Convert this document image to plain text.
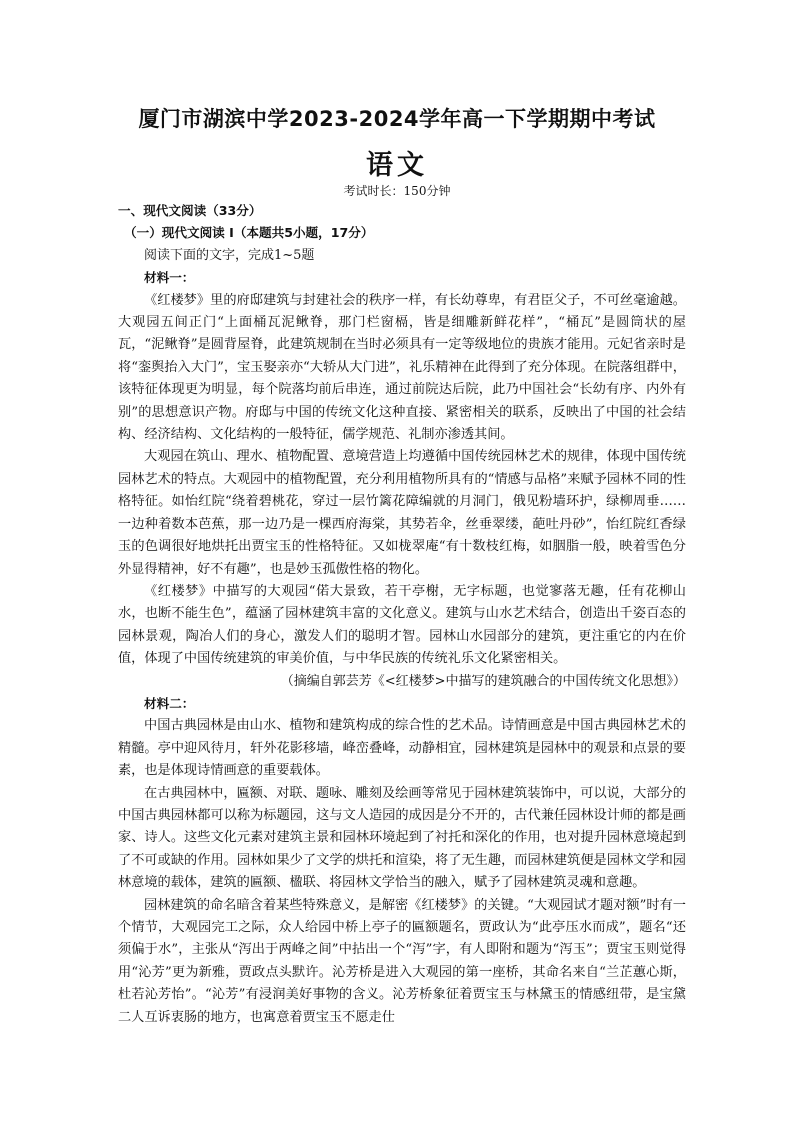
厦门市湖滨中学2023-2024学年高一下学期期中考试
语文
考试时长：150分钟

一、现代文阅读（33分）

（一）现代文阅读 I（本题共5小题，17分）

阅读下面的文字，完成1~5题

材料一：

《红楼梦》里的府邸建筑与封建社会的秩序一样，有长幼尊卑，有君臣父子，不可丝毫逾越。大观园五间正门“上面桶瓦泥鳅脊，那门栏窗槅，皆是细雕新鲜花样”，“桶瓦”是圆筒状的屋瓦，“泥鳅脊”是圆背屋脊，此建筑规制在当时必须具有一定等级地位的贵族才能用。元妃省亲时是将“銮舆抬入大门”，宝玉娶亲亦“大轿从大门进”，礼乐精神在此得到了充分体现。在院落组群中，该特征体现更为明显，每个院落均前后串连，通过前院达后院，此乃中国社会“长幼有序、内外有别”的思想意识产物。府邸与中国的传统文化这种直接、紧密相关的联系，反映出了中国的社会结构、经济结构、文化结构的一般特征，儒学规范、礼制亦渗透其间。

大观园在筑山、理水、植物配置、意境营造上均遵循中国传统园林艺术的规律，体现中国传统园林艺术的特点。大观园中的植物配置，充分利用植物所具有的“情感与品格”来赋予园林不同的性格特征。如怡红院“绕着碧桃花，穿过一层竹篱花障编就的月洞门，俄见粉墙环护，绿柳周垂……一边种着数本芭蕉，那一边乃是一棵西府海棠，其势若伞，丝垂翠缕，葩吐丹砂”，怡红院红香绿玉的色调很好地烘托出贾宝玉的性格特征。又如栊翠庵“有十数枝红梅，如胭脂一般，映着雪色分外显得精神，好不有趣”，也是妙玉孤傲性格的物化。

《红楼梦》中描写的大观园“偌大景致，若干亭榭，无字标题，也觉寥落无趣，任有花柳山水，也断不能生色”，蕴涵了园林建筑丰富的文化意义。建筑与山水艺术结合，创造出千姿百态的园林景观，陶冶人们的身心，激发人们的聪明才智。园林山水园部分的建筑，更注重它的内在价值，体现了中国传统建筑的审美价值，与中华民族的传统礼乐文化紧密相关。

（摘编自郭芸芳《<红楼梦>中描写的建筑融合的中国传统文化思想》）

材料二：

中国古典园林是由山水、植物和建筑构成的综合性的艺术品。诗情画意是中国古典园林艺术的精髓。亭中迎风待月，轩外花影移墙，峰峦叠峰，动静相宜，园林建筑是园林中的观景和点景的要素，也是体现诗情画意的重要载体。

在古典园林中，匾额、对联、题咏、雕刻及绘画等常见于园林建筑装饰中，可以说，大部分的中国古典园林都可以称为标题园，这与文人造园的成因是分不开的，古代兼任园林设计师的都是画家、诗人。这些文化元素对建筑主景和园林环境起到了衬托和深化的作用，也对提升园林意境起到了不可或缺的作用。园林如果少了文学的烘托和渲染，将了无生趣，而园林建筑便是园林文学和园林意境的载体，建筑的匾额、楹联、将园林文学恰当的融入，赋予了园林建筑灵魂和意趣。

园林建筑的命名暗含着某些特殊意义，是解密《红楼梦》的关键。“大观园试才题对额”时有一个情节，大观园完工之际，众人给园中桥上亭子的匾额题名，贾政认为“此亭压水而成”，题名“还须偏于水”，主张从“泻出于两峰之间”中拈出一个“泻”字，有人即附和题为“泻玉”；贾宝玉则觉得用“沁芳”更为新雅，贾政点头默许。沁芳桥是进入大观园的第一座桥，其命名来自“兰芷蕙心斯，杜若沁芳怡”。“沁芳”有浸润美好事物的含义。沁芳桥象征着贾宝玉与林黛玉的情感纽带，是宝黛二人互诉衷肠的地方，也寓意着贾宝玉不愿走仕
